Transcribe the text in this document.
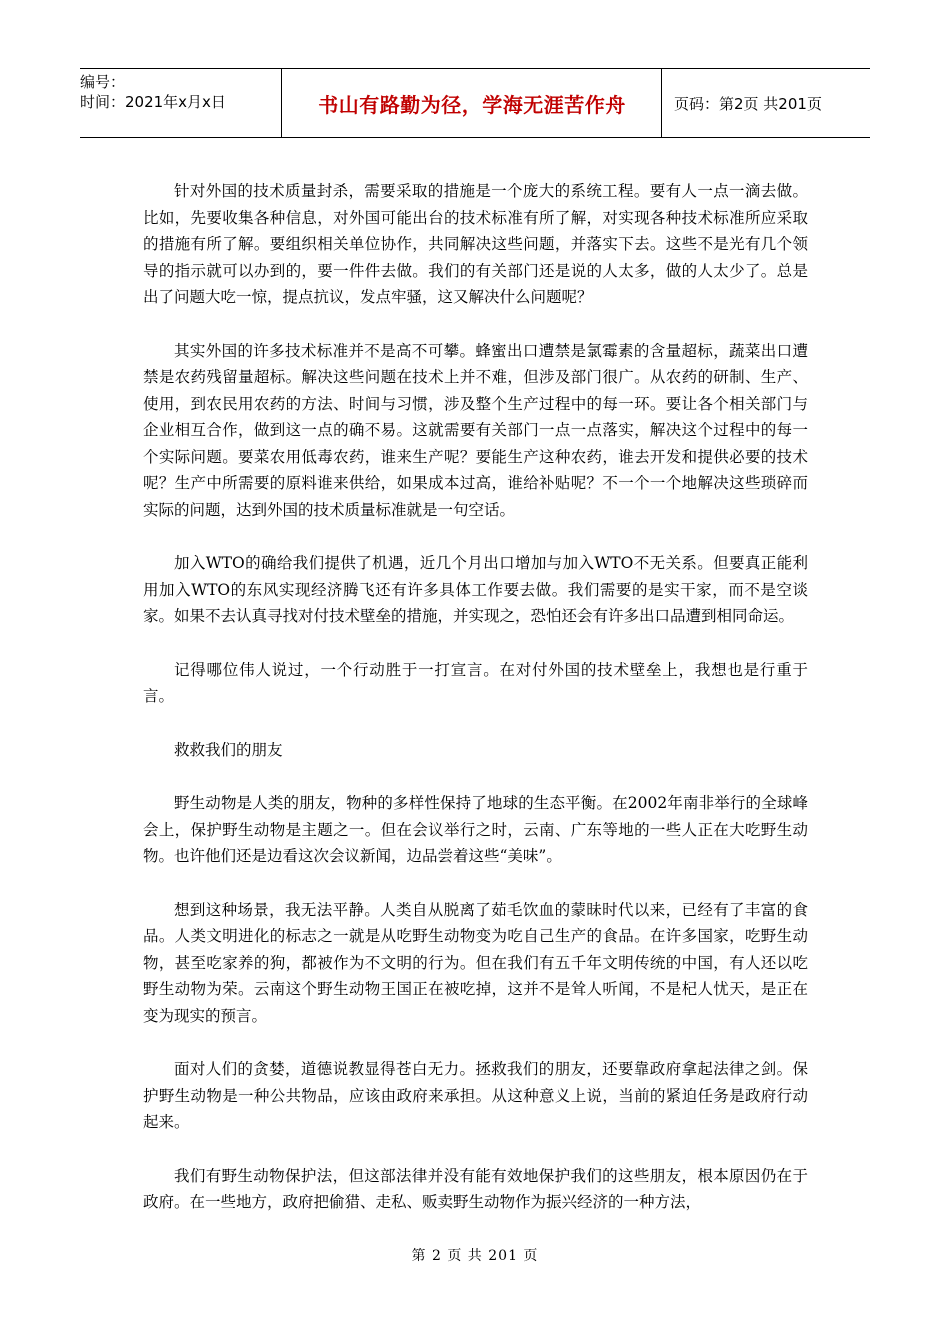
编号：
时间：2021年x月x日	书山有路勤为径，学海无涯苦作舟	页码：第2页 共201页

针对外国的技术质量封杀，需要采取的措施是一个庞大的系统工程。要有人一点一滴去做。比如，先要收集各种信息，对外国可能出台的技术标准有所了解，对实现各种技术标准所应采取的措施有所了解。要组织相关单位协作，共同解决这些问题，并落实下去。这些不是光有几个领导的指示就可以办到的，要一件件去做。我们的有关部门还是说的人太多，做的人太少了。总是出了问题大吃一惊，提点抗议，发点牢骚，这又解决什么问题呢？

其实外国的许多技术标准并不是高不可攀。蜂蜜出口遭禁是氯霉素的含量超标，蔬菜出口遭禁是农药残留量超标。解决这些问题在技术上并不难，但涉及部门很广。从农药的研制、生产、使用，到农民用农药的方法、时间与习惯，涉及整个生产过程中的每一环。要让各个相关部门与企业相互合作，做到这一点的确不易。这就需要有关部门一点一点落实，解决这个过程中的每一个实际问题。要菜农用低毒农药，谁来生产呢？要能生产这种农药，谁去开发和提供必要的技术呢？生产中所需要的原料谁来供给，如果成本过高，谁给补贴呢？不一个一个地解决这些琐碎而实际的问题，达到外国的技术质量标准就是一句空话。

加入WTO的确给我们提供了机遇，近几个月出口增加与加入WTO不无关系。但要真正能利用加入WTO的东风实现经济腾飞还有许多具体工作要去做。我们需要的是实干家，而不是空谈家。如果不去认真寻找对付技术壁垒的措施，并实现之，恐怕还会有许多出口品遭到相同命运。

记得哪位伟人说过，一个行动胜于一打宣言。在对付外国的技术壁垒上，我想也是行重于言。

救救我们的朋友

野生动物是人类的朋友，物种的多样性保持了地球的生态平衡。在2002年南非举行的全球峰会上，保护野生动物是主题之一。但在会议举行之时，云南、广东等地的一些人正在大吃野生动物。也许他们还是边看这次会议新闻，边品尝着这些“美味”。

想到这种场景，我无法平静。人类自从脱离了茹毛饮血的蒙昧时代以来，已经有了丰富的食品。人类文明进化的标志之一就是从吃野生动物变为吃自己生产的食品。在许多国家，吃野生动物，甚至吃家养的狗，都被作为不文明的行为。但在我们有五千年文明传统的中国，有人还以吃野生动物为荣。云南这个野生动物王国正在被吃掉，这并不是耸人听闻，不是杞人忧天，是正在变为现实的预言。

面对人们的贪婪，道德说教显得苍白无力。拯救我们的朋友，还要靠政府拿起法律之剑。保护野生动物是一种公共物品，应该由政府来承担。从这种意义上说，当前的紧迫任务是政府行动起来。

我们有野生动物保护法，但这部法律并没有能有效地保护我们的这些朋友，根本原因仍在于政府。在一些地方，政府把偷猎、走私、贩卖野生动物作为振兴经济的一种方法，

第 2 页 共 201 页
